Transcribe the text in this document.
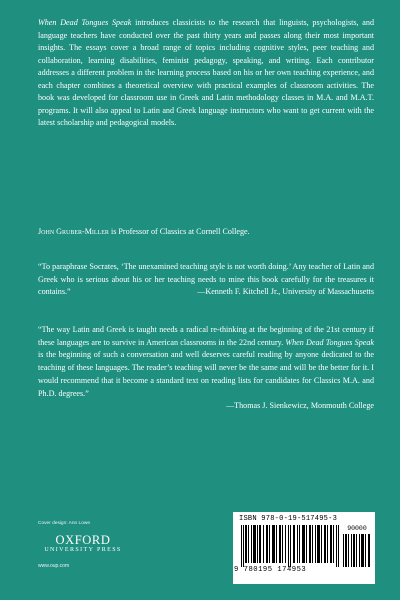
When Dead Tongues Speak introduces classicists to the research that linguists, psychologists, and language teachers have conducted over the past thirty years and passes along their most important insights. The essays cover a broad range of topics including cognitive styles, peer teaching and collaboration, learning disabilities, feminist pedagogy, speaking, and writing. Each contributor addresses a different problem in the learning process based on his or her own teaching experience, and each chapter combines a theoretical overview with practical examples of classroom activities. The book was developed for classroom use in Greek and Latin methodology classes in M.A. and M.A.T. programs. It will also appeal to Latin and Greek language instructors who want to get current with the latest scholarship and pedagogical models.

John Gruber-Miller is Professor of Classics at Cornell College.

“To paraphrase Socrates, ‘The unexamined teaching style is not worth doing.’ Any teacher of Latin and Greek who is serious about his or her teaching needs to mine this book carefully for the treasures it contains.”	—Kenneth F. Kitchell Jr., University of Massachusetts

“The way Latin and Greek is taught needs a radical re-thinking at the beginning of the 21st century if these languages are to survive in American classrooms in the 22nd century. When Dead Tongues Speak is the beginning of such a conversation and well deserves careful reading by anyone dedicated to the teaching of these languages. The reader’s teaching will never be the same and will be the better for it. I would recommend that it become a standard text on reading lists for candidates for Classics M.A. and Ph.D. degrees.”
—Thomas J. Sienkewicz, Monmouth College

Cover design: Ann Lowe
OXFORD
UNIVERSITY PRESS
www.oup.com
ISBN 978-0-19-517495-3
90000
9 780195 174953
